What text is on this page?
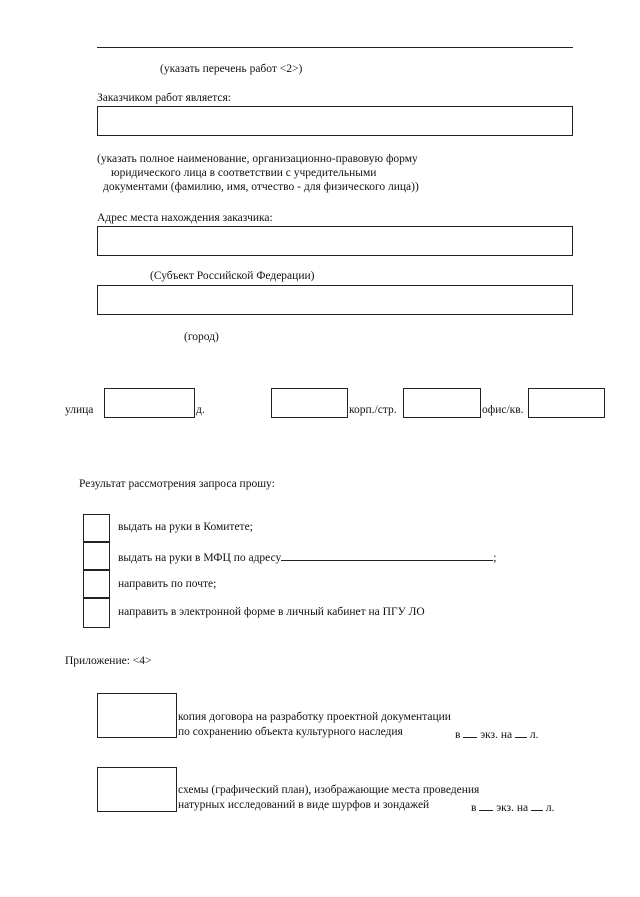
(указать перечень работ <2>)
Заказчиком работ является:
(указать полное наименование, организационно-правовую форму
юридического лица в соответствии с учредительными
документами (фамилию, имя, отчество - для физического лица))
Адрес места нахождения заказчика:
(Субъект Российской Федерации)
(город)
улица	д.	корп./стр.	офис/кв.
Результат рассмотрения запроса прошу:
выдать на руки в Комитете;
выдать на руки в МФЦ по адресу	;
направить по почте;
направить в электронной форме в личный кабинет на ПГУ ЛО
Приложение: <4>
копия договора на разработку проектной документации
по сохранению объекта культурного наследия	в экз. на л.
схемы (графический план), изображающие места проведения
натурных исследований в виде шурфов и зондажей	в экз. на л.
